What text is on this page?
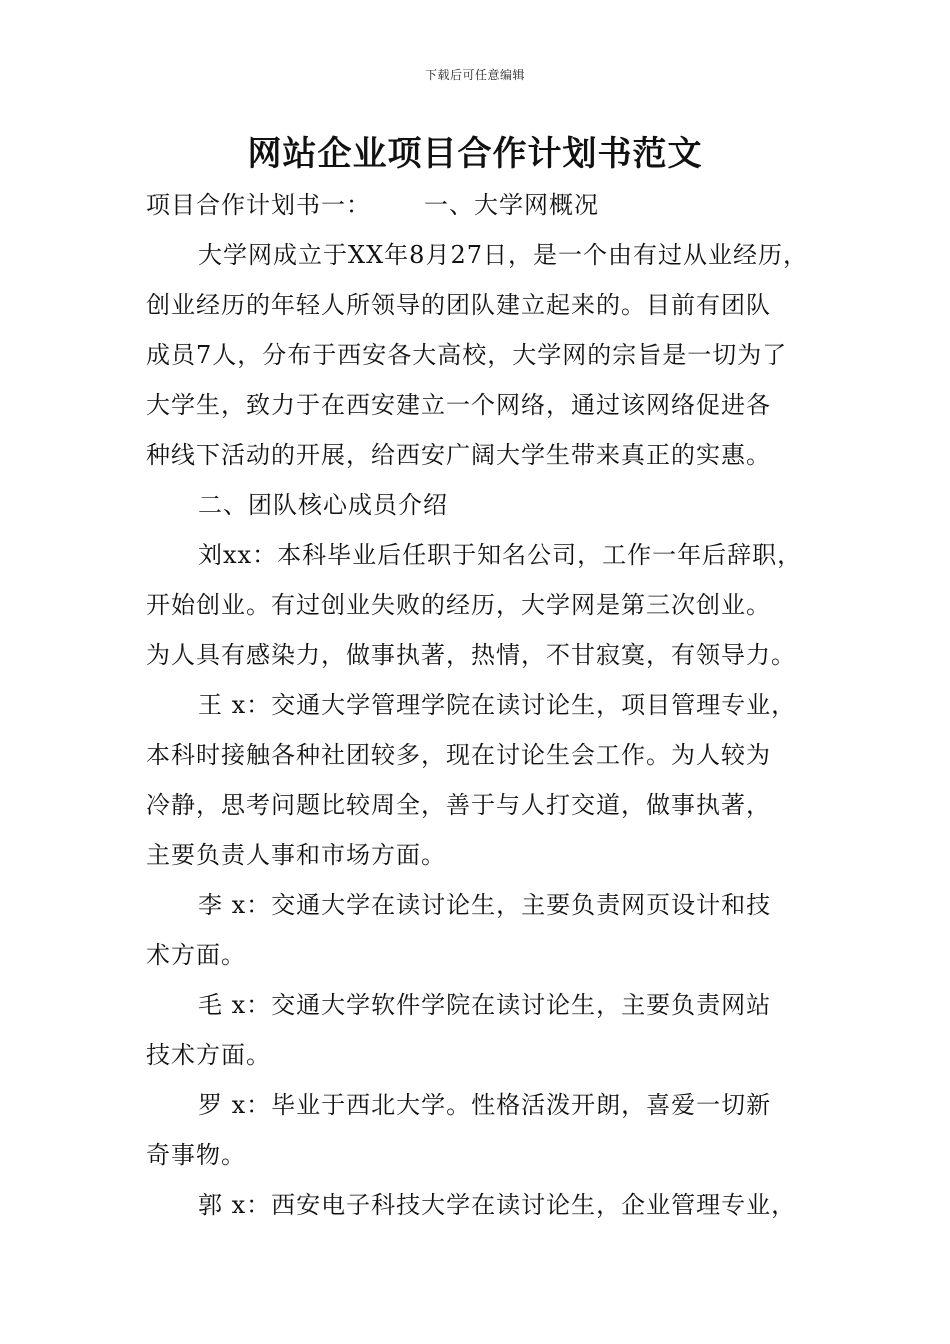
下载后可任意编辑
网站企业项目合作计划书范文
项目合作计划书一： 一、大学网概况
大学网成立于XX年8月27日，是一个由有过从业经历，
创业经历的年轻人所领导的团队建立起来的。目前有团队
成员7人，分布于西安各大高校，大学网的宗旨是一切为了
大学生，致力于在西安建立一个网络，通过该网络促进各
种线下活动的开展，给西安广阔大学生带来真正的实惠。
二、团队核心成员介绍
刘xx：本科毕业后任职于知名公司，工作一年后辞职，
开始创业。有过创业失败的经历，大学网是第三次创业。
为人具有感染力，做事执著，热情，不甘寂寞，有领导力。
王 x：交通大学管理学院在读讨论生，项目管理专业，
本科时接触各种社团较多，现在讨论生会工作。为人较为
冷静，思考问题比较周全，善于与人打交道，做事执著，
主要负责人事和市场方面。
李 x：交通大学在读讨论生，主要负责网页设计和技
术方面。
毛 x：交通大学软件学院在读讨论生，主要负责网站
技术方面。
罗 x：毕业于西北大学。性格活泼开朗，喜爱一切新
奇事物。
郭 x：西安电子科技大学在读讨论生，企业管理专业，
